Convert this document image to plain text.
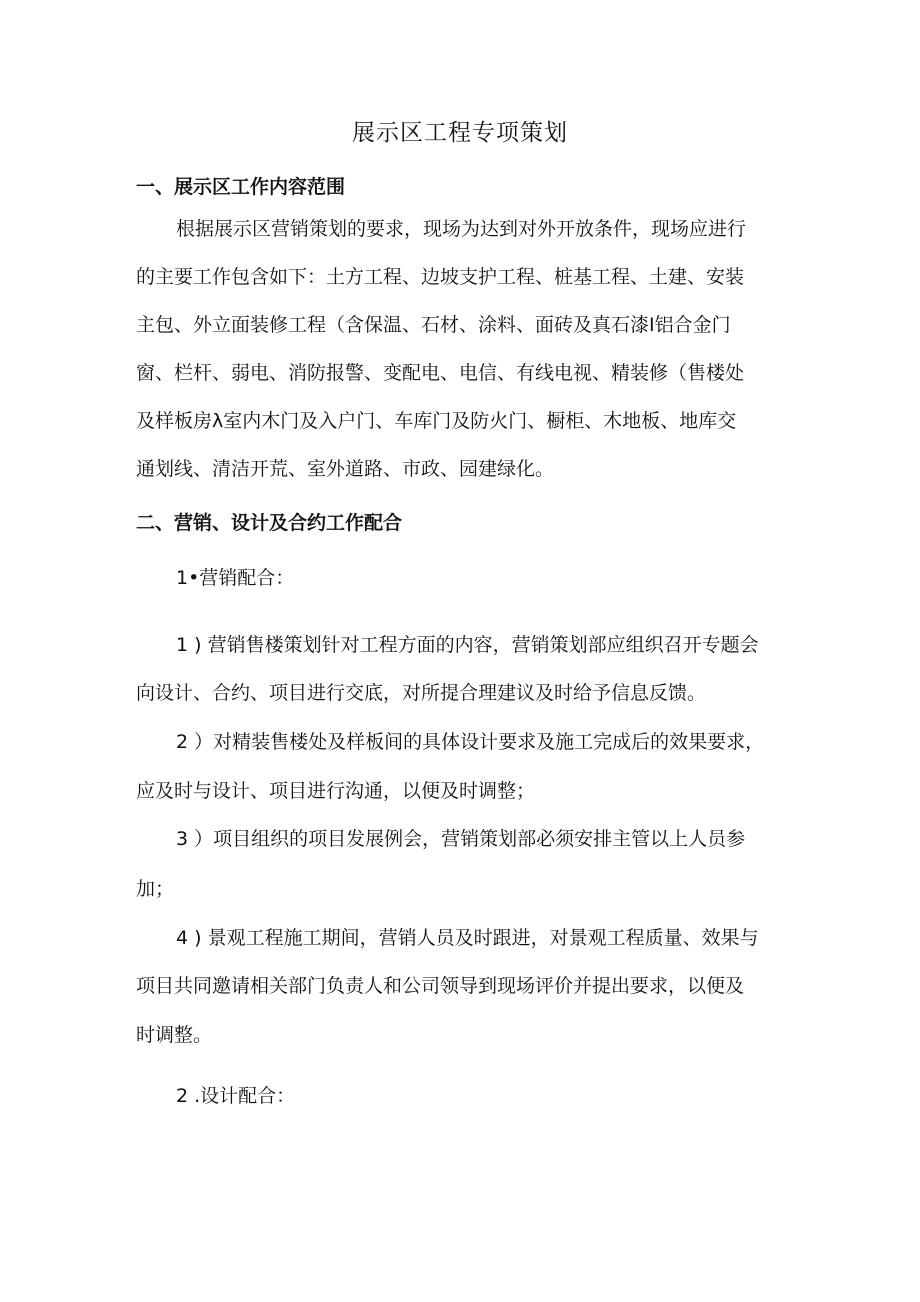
展示区工程专项策划
一、展示区工作内容范围
根据展示区营销策划的要求，现场为达到对外开放条件，现场应进行
的主要工作包含如下：土方工程、边坡支护工程、桩基工程、土建、安装
主包、外立面装修工程（含保温、石材、涂料、面砖及真石漆Ⅰ铝合金门
窗、栏杆、弱电、消防报警、变配电、电信、有线电视、精装修（售楼处
及样板房λ室内木门及入户门、车库门及防火门、橱柜、木地板、地库交
通划线、清洁开荒、室外道路、市政、园建绿化。
二、营销、设计及合约工作配合
1•营销配合：
1 ) 营销售楼策划针对工程方面的内容，营销策划部应组织召开专题会
向设计、合约、项目进行交底，对所提合理建议及时给予信息反馈。
2 ）对精装售楼处及样板间的具体设计要求及施工完成后的效果要求，
应及时与设计、项目进行沟通，以便及时调整；
3 ）项目组织的项目发展例会，营销策划部必须安排主管以上人员参
加；
4 ) 景观工程施工期间，营销人员及时跟进，对景观工程质量、效果与
项目共同邀请相关部门负责人和公司领导到现场评价并提出要求，以便及
时调整。
2 .设计配合：
